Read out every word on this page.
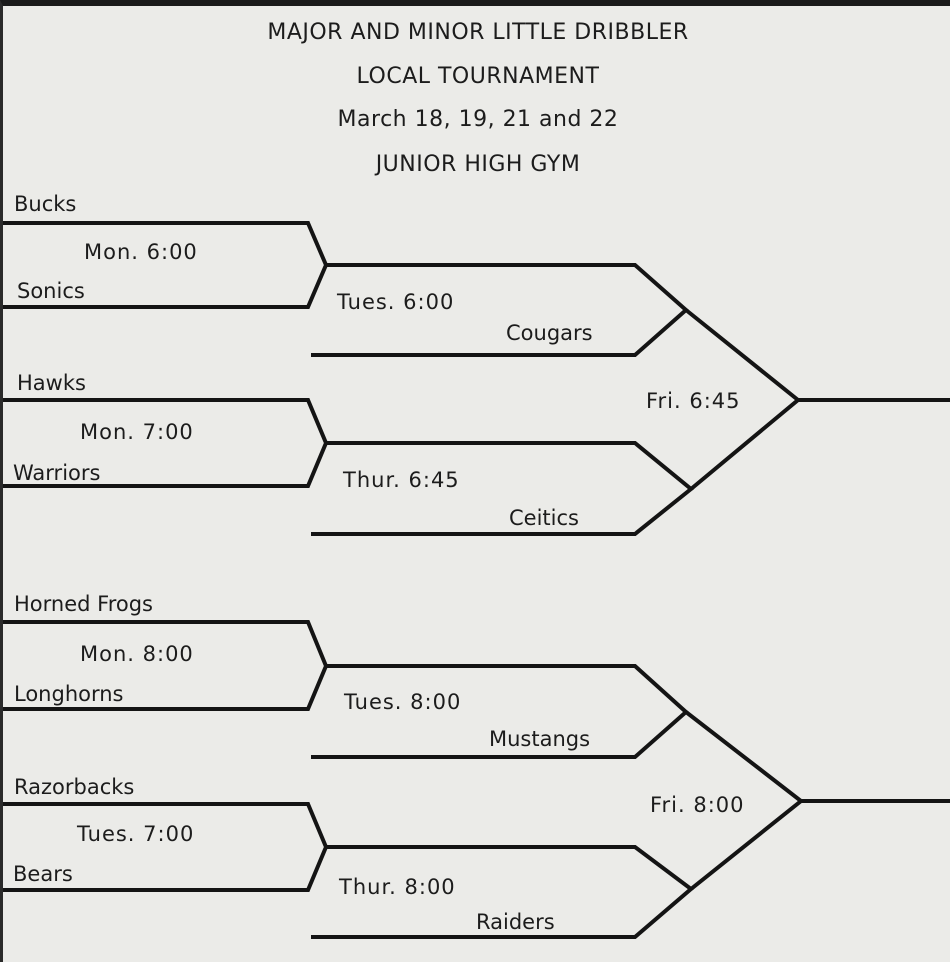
MAJOR AND MINOR LITTLE DRIBBLER
LOCAL TOURNAMENT
March 18, 19, 21 and 22
JUNIOR HIGH GYM
Bucks
Mon. 6:00
Sonics	Tues. 6:00
Cougars
Hawks
Mon. 7:00
Warriors	Thur. 6:45
Ceitics
Fri. 6:45
Horned Frogs
Mon. 8:00
Longhorns	Tues. 8:00
Mustangs
Razorbacks
Tues. 7:00
Bears
Thur. 8:00
Raiders
Fri. 8:00
